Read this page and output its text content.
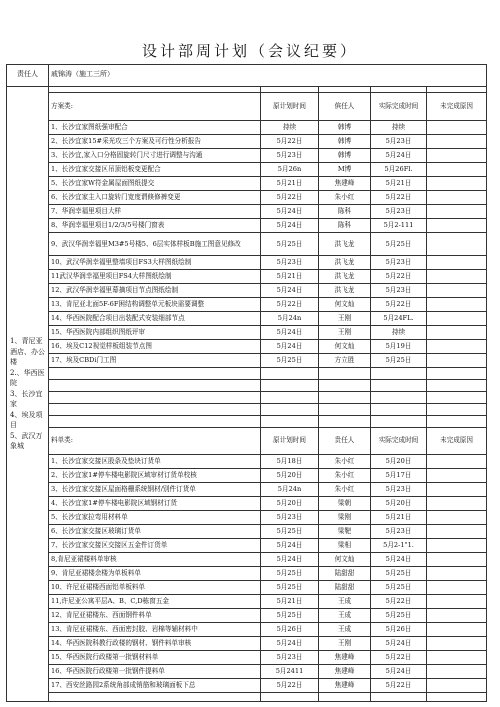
设计部周计划（会议纪要）
责任人	戚锦涛（施工三所）				

1、青尼亚酒店、办公楼
2.、华西医院
3、长沙宜家
4、埃及项目
5、武汉万象城					

	方案类:	原计划时间	傧任人	实际完成时间	未完成原因
	1、长沙宜家图纸强审配合	持续	韩博	持续	
	2、长沙宜家15#采光攻三个方案及可行性分析报告	5月22日	韩博	5月23日	
	3、长沙宜,家入口分格固旋转门尺寸进行调整与沟通	5月23日	韩博	5月24日	
	1、长沙宜家交接区吊顶铝板变更配合	5月26n	M博	5月26Fl.	
	5、长沙宜家W符金属屋面图纸提交	5月21日	焦建峰	5月21日	
	6、长沙宜家主入口旋转门宽度谓倏修裤变更	5月22日	朱小红	5月22日	
	7、华润幸福里项目大样	5月24日	陈科	5月23日	
	8、华润幸福里项目1/2/3/5号楼门窗表	5月24日	陈科	5月2-111	
	9、武汉华润幸福里M3#5号楼5、6层实体样板B施工图意见修改	5月25日	洪飞龙	5月25日	
	10、武汉华润幸福里整墙项目FS3大样图纸绘制	5月23日	洪飞龙	5月23日	
	11武汉华润幸福里项目FS4大样图纸绘制	5月21日	洪飞龙	5月22日	
	12、武汉华润幸福里幕摘项目节点图纸绘制	5月24日	洪飞龙	5月23日	
	13、肯尼亚北面5F-6F困结构调整单元板块需要调整	5月22日	何文灿	5月22日	
	14、华西医院配合项目出装配式安装细部节点	5月24n	王刚	5月24FL.	
	15、华西医院内部组织图纸评审	5月24日	王刚	持续	
	16、埃及C12视觉样板组装节点图	5月24日	何文灿	5月19日	
	17、埃及CBDi门工图	5月25日	方立胜	5月25日	

	料单类:	原计划时间	贵任人	实际完成时间	未完成原因
	1、长沙宜家交接区股条及垫块订货单	5月18日	朱小红	5月20日	
	2、长沙宜家1#停车楼电影院区域审材订货单校核	5月20日	朱小红	5月17日	
	3、长沙宜家交接区屋面格栅系统钢材/别件订货单	5月24n	朱小红	5月23日	
	4、长沙宜家1#停车楼电影院区域钢材订货	5月20日	梁朝	5月20日	
	5、长沙宜家拉弯用材料单	5月23日	梁刚	5月21日	
	6、长沙宜家交接区玻璃订货单	5月25日	梁靶	5月23日	
	7、长沙宜家交接区交接区五金件订货单	5月24日	梁相	5月2-1"1.	
	8,肯尼亚裙楼料单审核	5月24日	何文灿	5月24日	
	9、肯尼亚裙楼余楼为单板料单	5月25日	陆甜甜	5月25日	
	10、许尼亚裙楼西面铝单板料单	5月25日	陆甜甜	5月25日	
	11,许尼亚公寓平层A、B、C,D栋窗五金	5月21日	王成	5月22日	
	12、肯尼亚裙楼东、西面钢件料单	5月25日	王成	5月25日	
	13、肯尼亚裙楼东、西面密封胶、岩棉等辅材料中	5月26日	王成	5月26日	
	14、华西医院科教行政楼的钢材、钢件料单审核	5月24日	王刚	5月24日	
	15、华西医院行政楼第一批钢材料单	5月23日	焦建峰	5月22日	
	16、华西医院行政楼第一批钢件提料单	5月2411	焦建峰	5月24日	
	17、西安丝路园2系统角部成销筋和玻璃面板下总	5月22日	焦建峰	5月22日	
